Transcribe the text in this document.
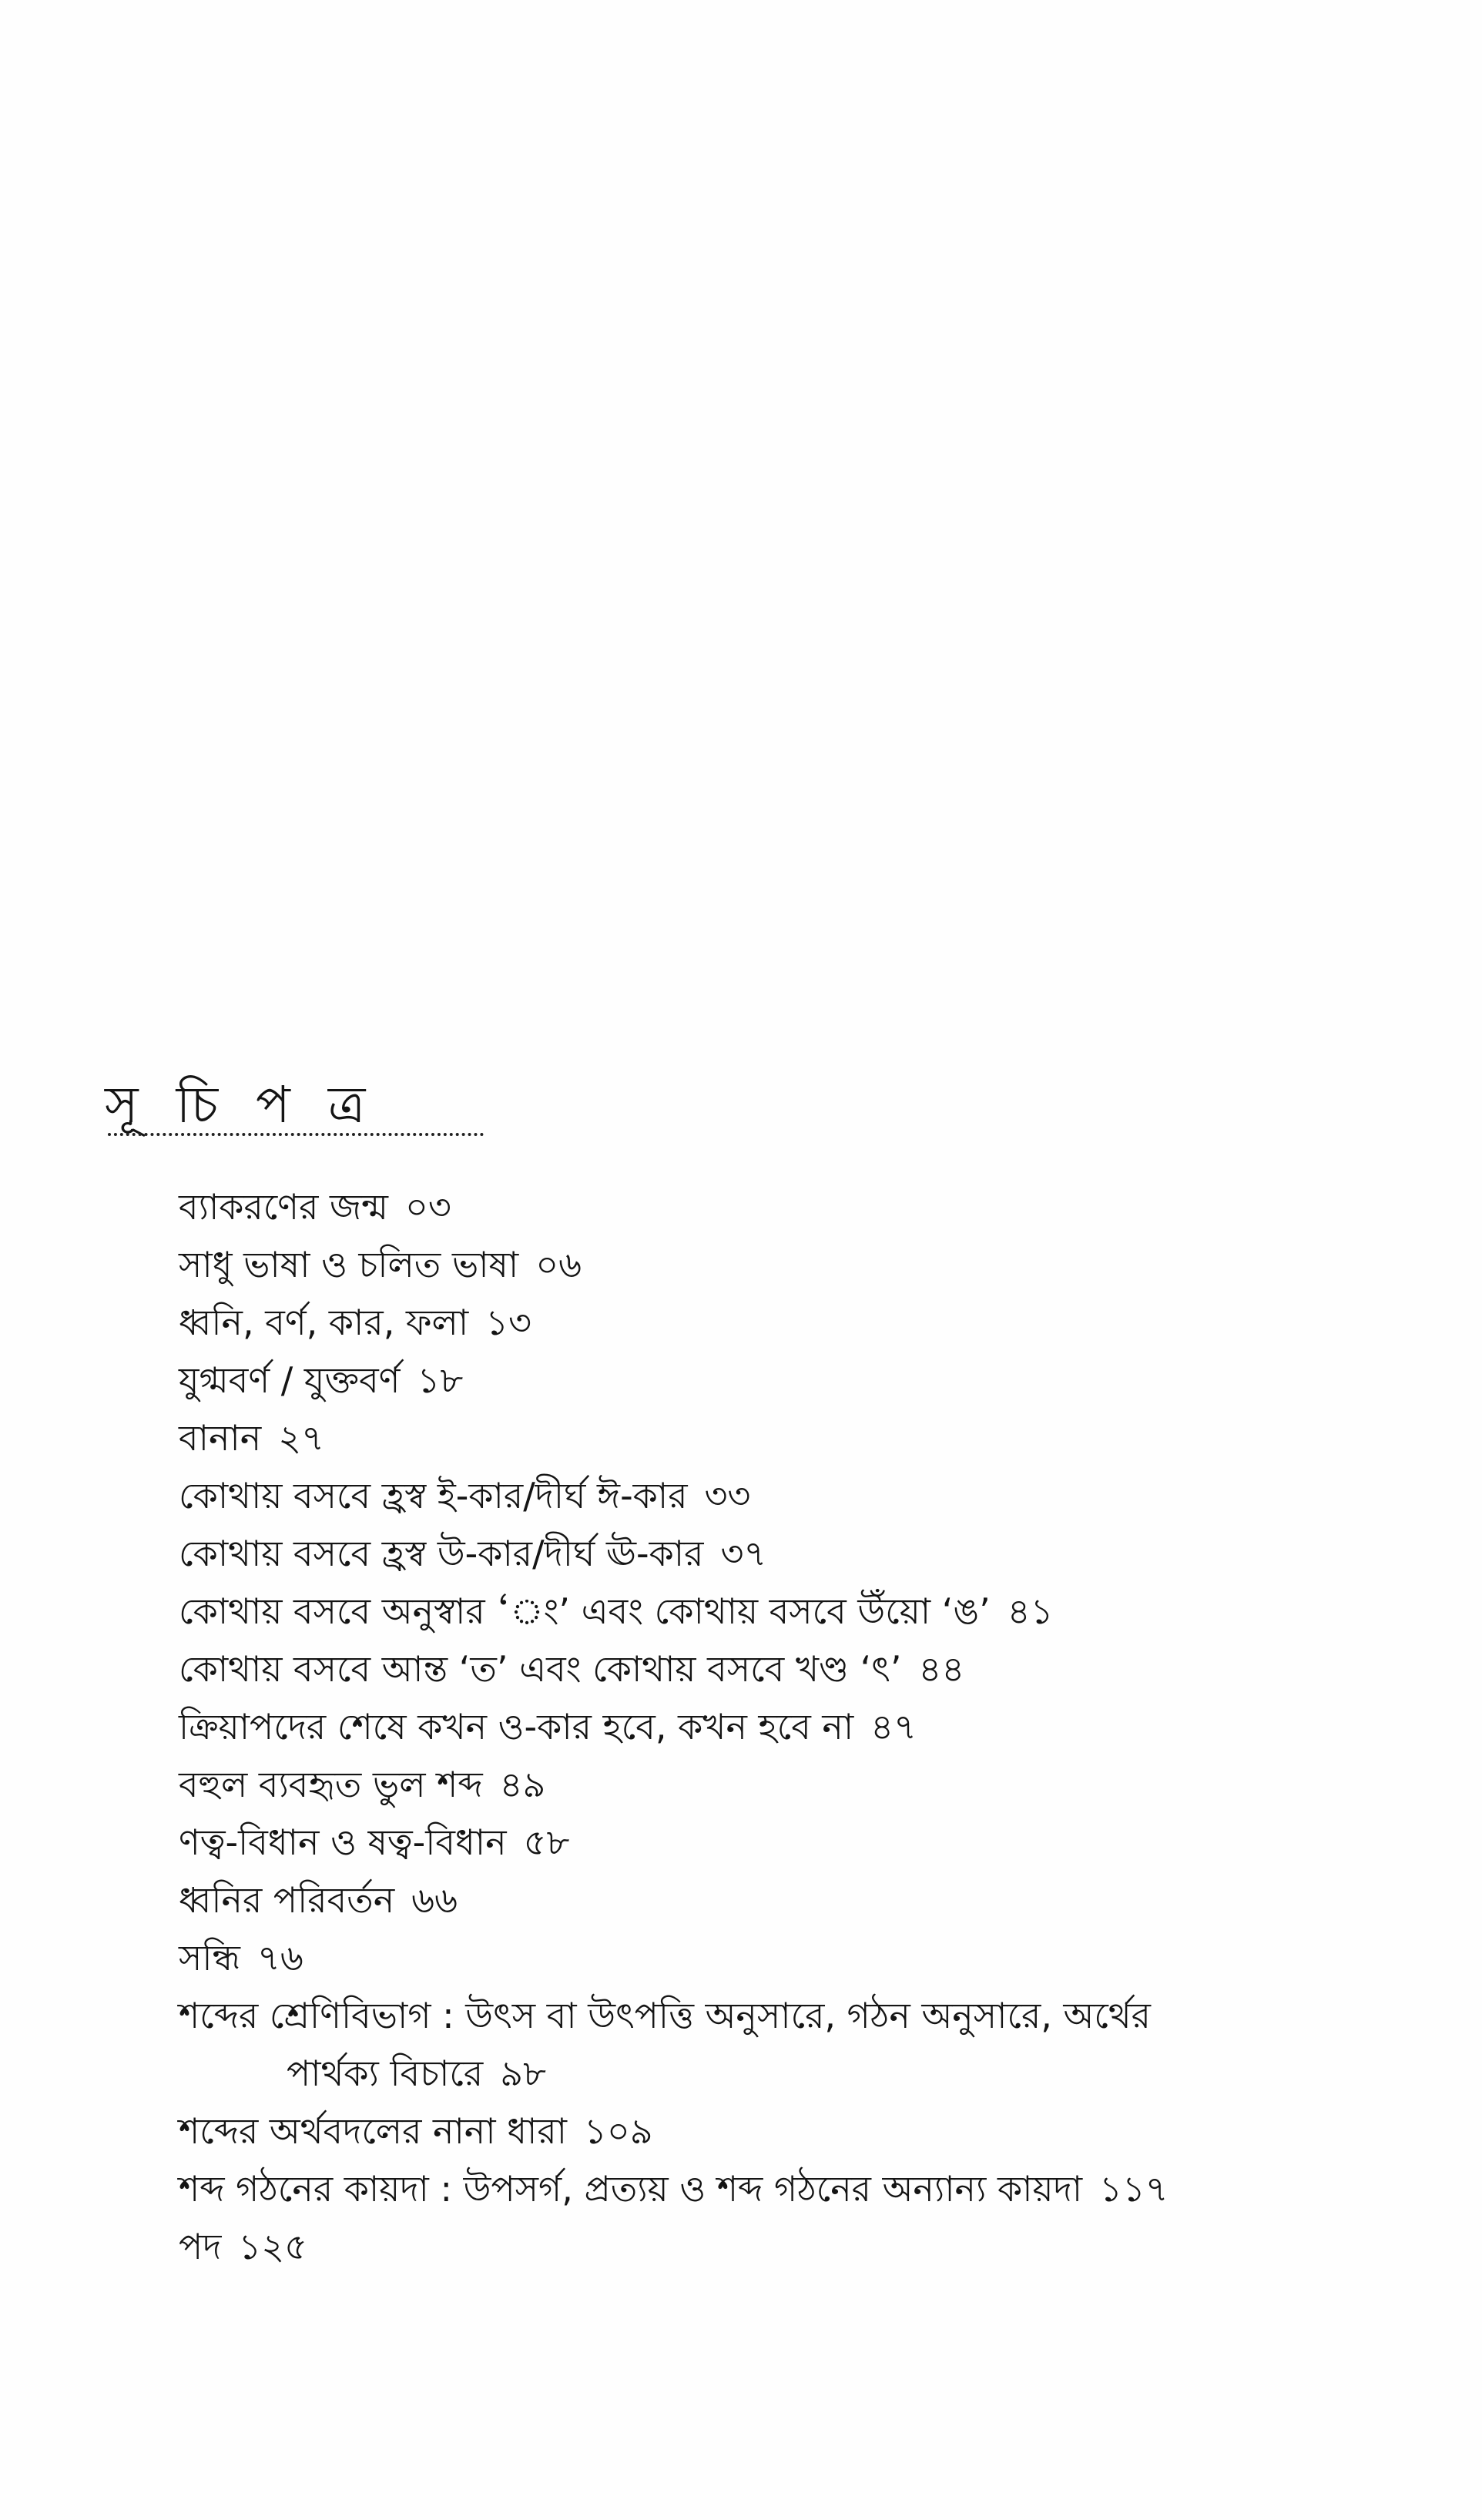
সূ চি প ত্র
ব্যাকরণের জন্ম ০৩
সাধু ভাষা ও চলিত ভাষা ০৬
ধ্বনি, বর্ণ, কার, ফলা ১৩
যুগ্মবর্ণ / যুক্তবর্ণ ১৮
বানান ২৭
কোথায় বসবে হ্রস্ব ই-কার/দীর্ঘ ঈ-কার ৩৩
কোথায় বসবে হ্রস্ব উ-কার/দীর্ঘ ঊ-কার ৩৭
কোথায় বসবে অনুস্বার ‘ং’ এবং কোথায় বসবে উঁয়ো ‘ঙ’ ৪১
কোথায় বসবে আন্ত ‘ত’ এবং কোথায় বসবে খণ্ড ‘ৎ’ ৪৪
ক্রিয়াপদের শেষে কখন ও-কার হবে, কখন হবে না ৪৭
বহুল ব্যবহৃত ভুল শব্দ ৪৯
ণত্ব-বিধান ও ষত্ব-বিধান ৫৮
ধ্বনির পরিবর্তন ৬৬
সন্ধি ৭৬
শব্দের শ্রেণিবিভাগ : উৎস বা উৎপত্তি অনুসারে, গঠন অনুসারে, অর্থের
পার্থক্য বিচারে ৯৮
শব্দের অর্থবদলের নানা ধারা ১০৯
শব্দ গঠনের কায়দা : উপসর্গ, প্রত্যয় ও শব্দ গঠনের অন্যান্য কায়দা ১১৭
পদ ১২৫
